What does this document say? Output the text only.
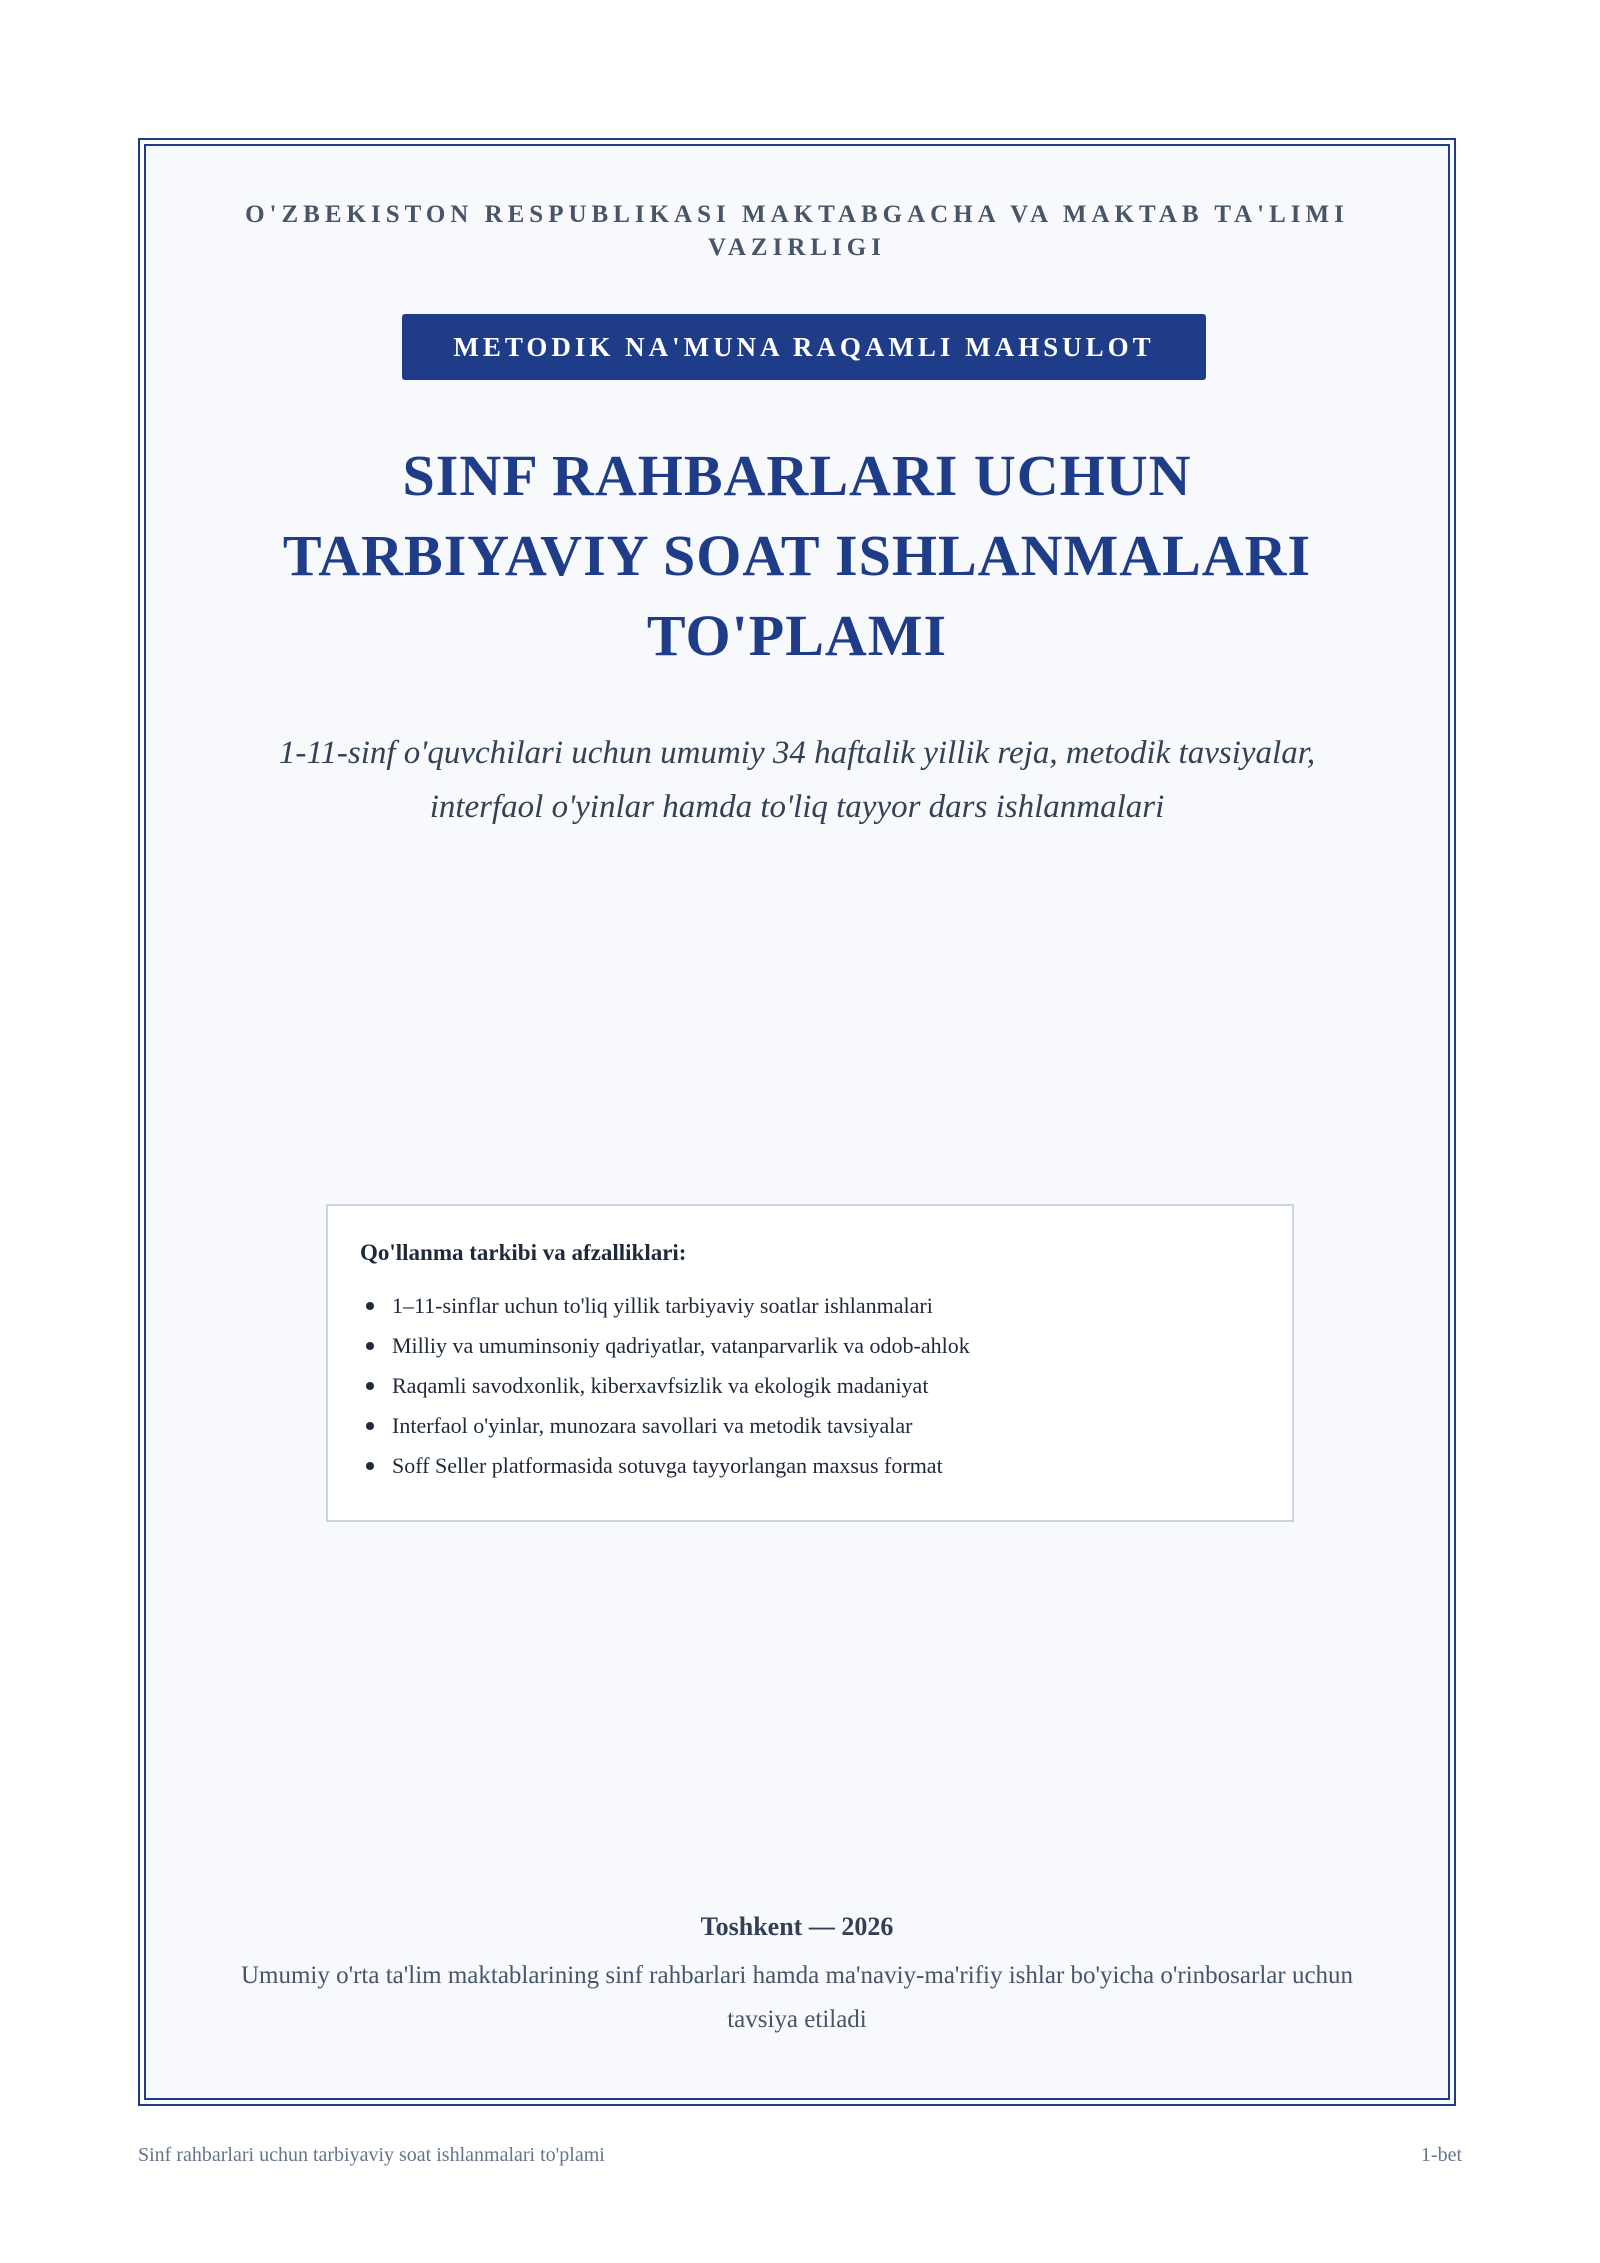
O'ZBEKISTON RESPUBLIKASI MAKTABGACHA VA MAKTAB TA'LIMI VAZIRLIGI
METODIK NA'MUNA RAQAMLI MAHSULOT
SINF RAHBARLARI UCHUN
TARBIYAVIY SOAT ISHLANMALARI
TO'PLAMI
1-11-sinf o'quvchilari uchun umumiy 34 haftalik yillik reja, metodik tavsiyalar,
interfaol o'yinlar hamda to'liq tayyor dars ishlanmalari
Qo'llanma tarkibi va afzalliklari:
1–11-sinflar uchun to'liq yillik tarbiyaviy soatlar ishlanmalari
Milliy va umuminsoniy qadriyatlar, vatanparvarlik va odob-ahlok
Raqamli savodxonlik, kiberxavfsizlik va ekologik madaniyat
Interfaol o'yinlar, munozara savollari va metodik tavsiyalar
Soff Seller platformasida sotuvga tayyorlangan maxsus format
Toshkent — 2026
Umumiy o'rta ta'lim maktablarining sinf rahbarlari hamda ma'naviy-ma'rifiy ishlar bo'yicha o'rinbosarlar uchun
tavsiya etiladi
Sinf rahbarlari uchun tarbiyaviy soat ishlanmalari to'plami	1-bet
